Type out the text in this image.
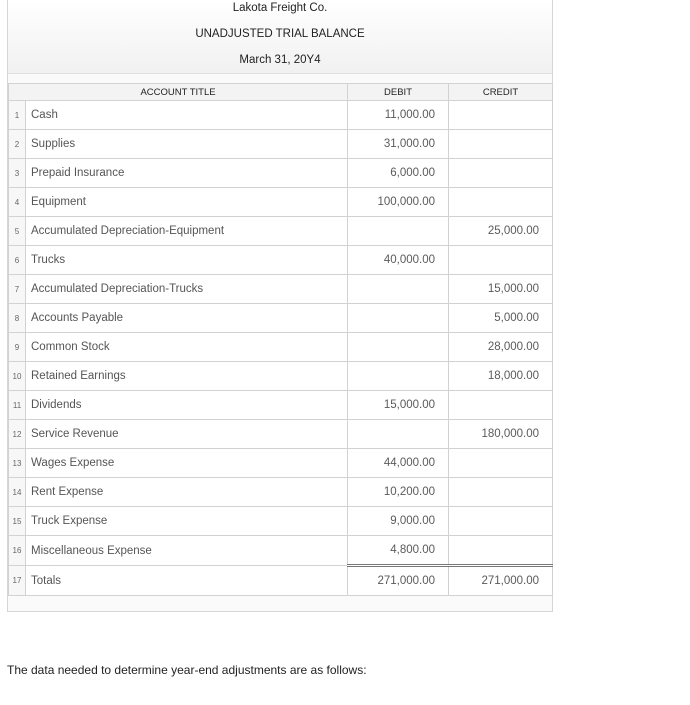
Lakota Freight Co.
UNADJUSTED TRIAL BALANCE
March 31, 20Y4
ACCOUNT TITLE		DEBIT	CREDIT
1	Cash	11,000.00	
2	Supplies	31,000.00	
3	Prepaid Insurance	6,000.00	
4	Equipment	100,000.00	
5	Accumulated Depreciation-Equipment		25,000.00
6	Trucks	40,000.00	
7	Accumulated Depreciation-Trucks		15,000.00
8	Accounts Payable		5,000.00
9	Common Stock		28,000.00
10	Retained Earnings		18,000.00
11	Dividends	15,000.00	
12	Service Revenue		180,000.00
13	Wages Expense	44,000.00	
14	Rent Expense	10,200.00	
15	Truck Expense	9,000.00	
16	Miscellaneous Expense	4,800.00	
17	Totals	271,000.00	271,000.00
The data needed to determine year-end adjustments are as follows:
